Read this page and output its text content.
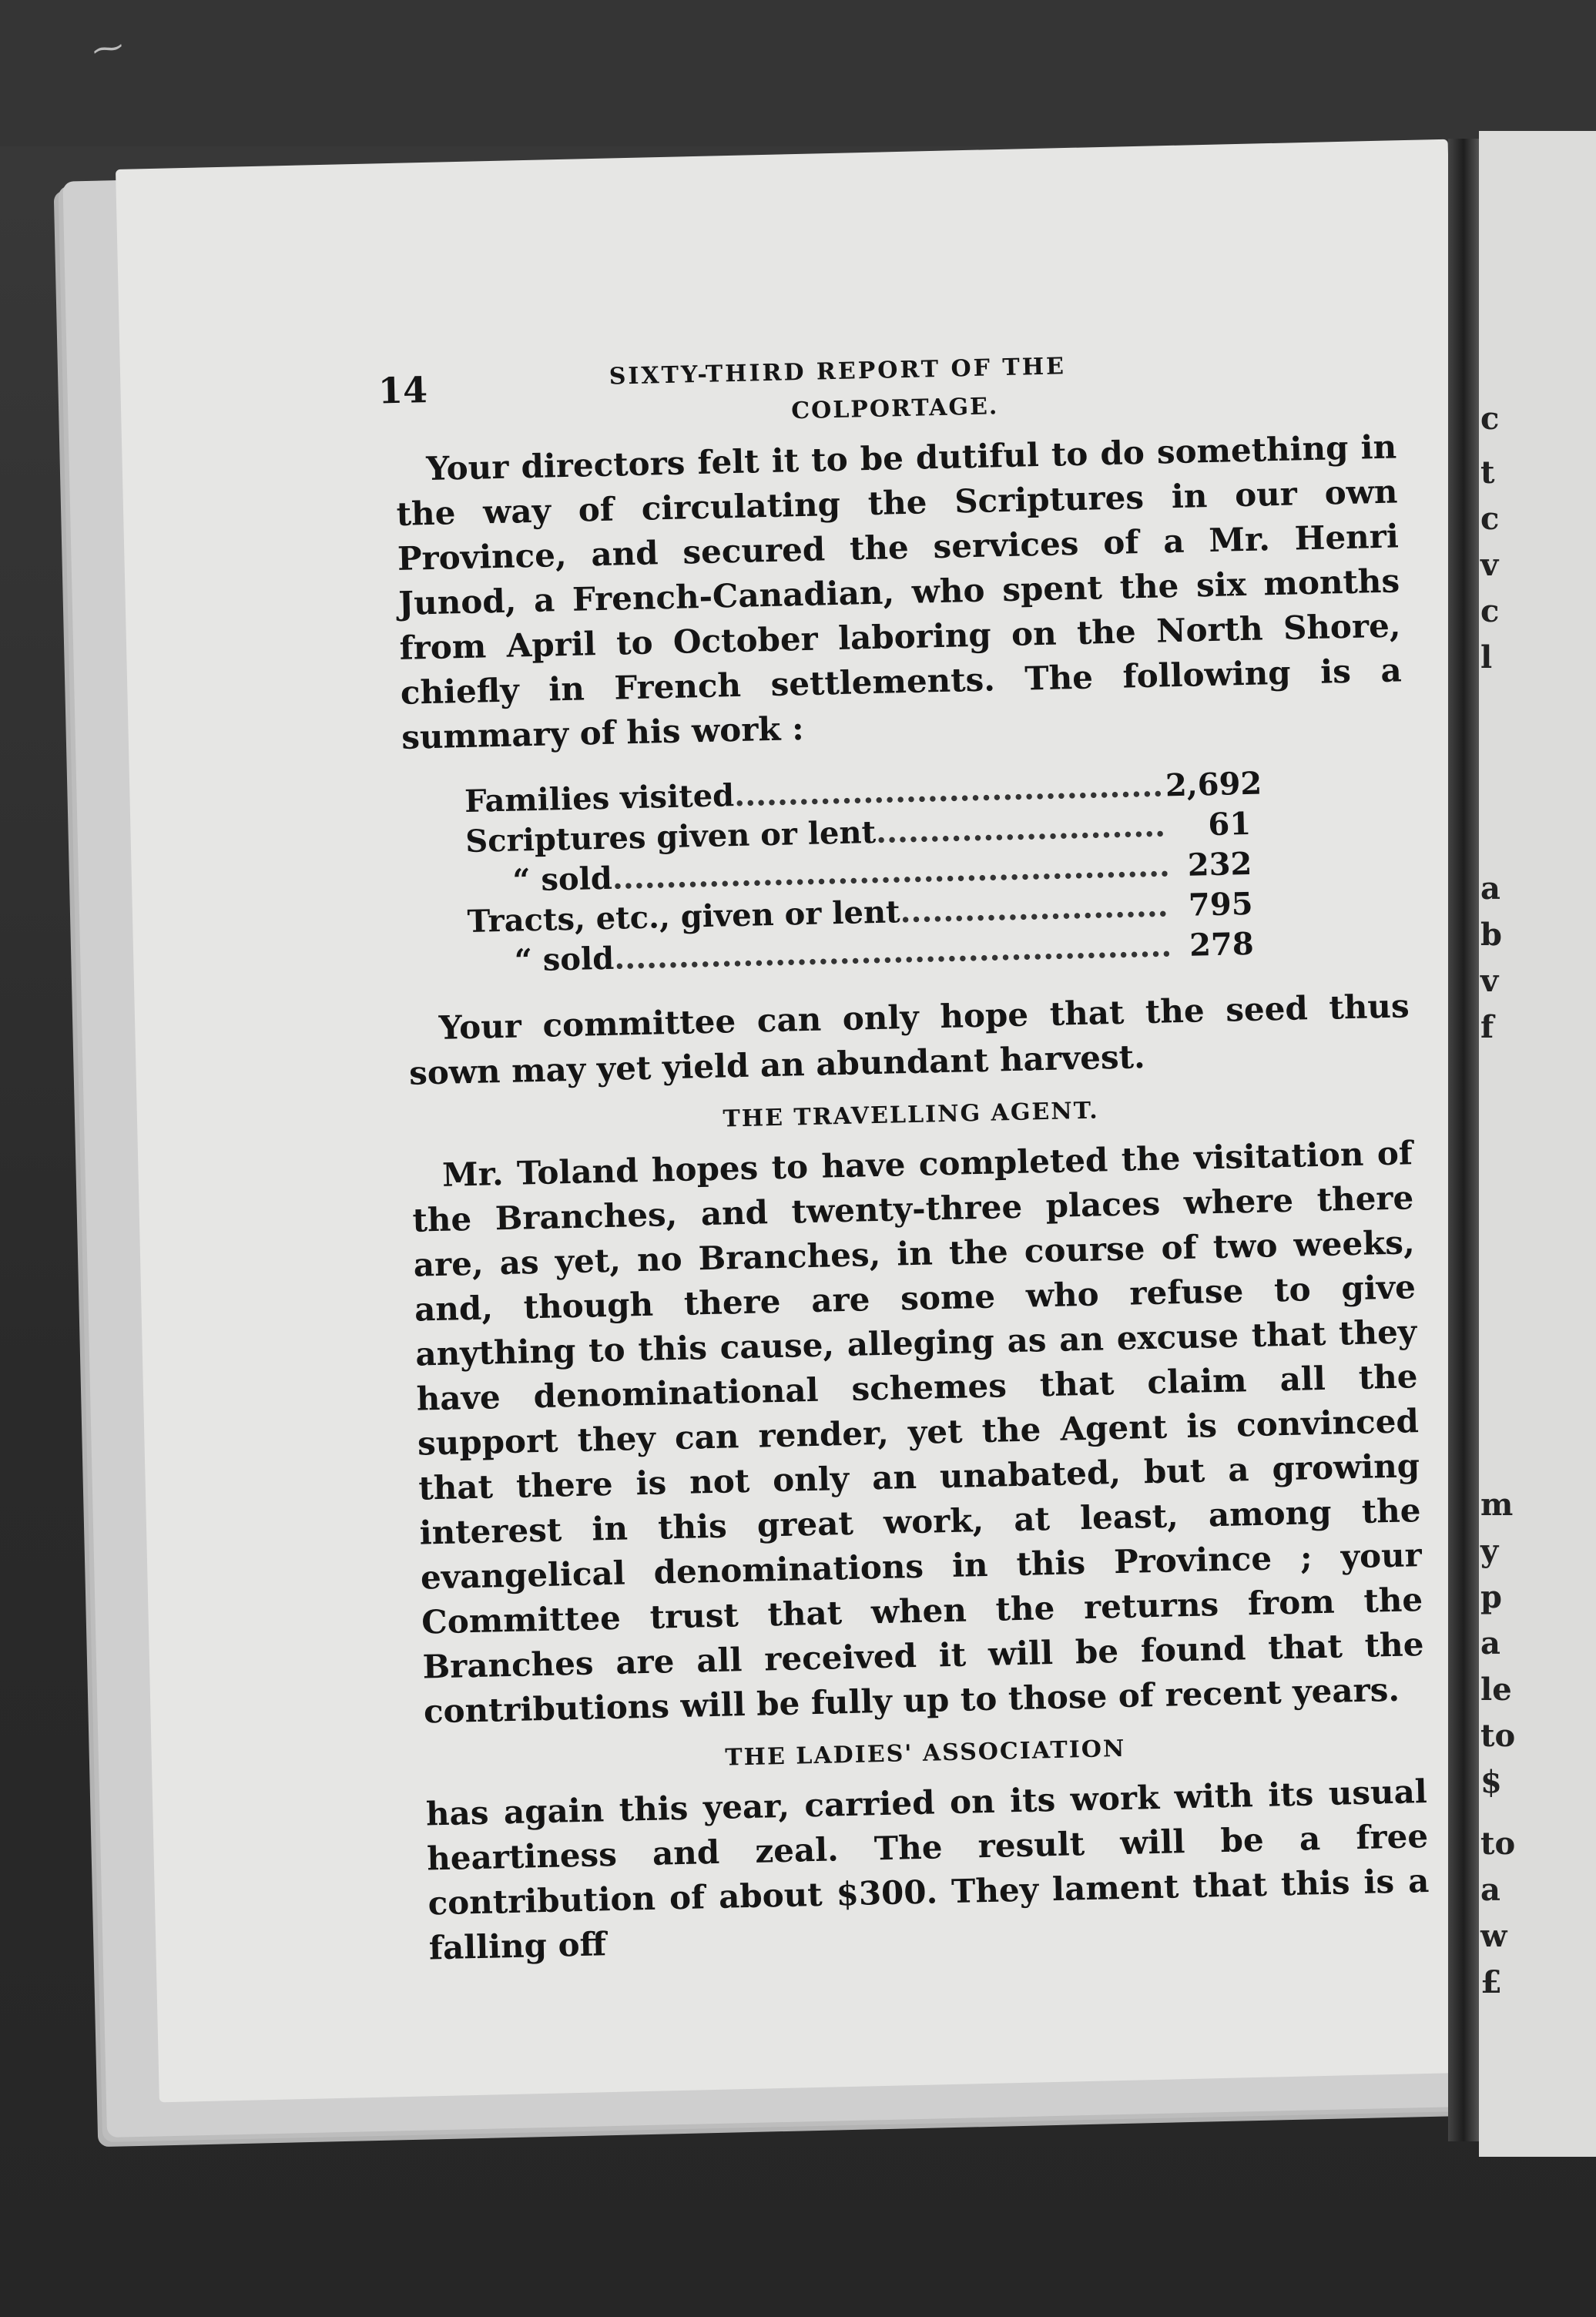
⁓
c
t
c
v
c
l
a
b
v
f
m
y
p
a
le
to
$
to
a
w
£
14	SIXTY-THIRD REPORT OF THE
COLPORTAGE.

Your directors felt it to be dutiful to do something in the way of circulating the Scriptures in our own Province, and secured the services of a Mr. Henri Junod, a French-Canadian, who spent the six months from April to October laboring on the North Shore, chiefly in French settlements. The following is a summary of his work :

Families visited .....	2,692
Scriptures given or lent .....	61
“ sold .....	232
Tracts, etc., given or lent .....	795
“ sold .....	278

Your committee can only hope that the seed thus sown may yet yield an abundant harvest.

THE TRAVELLING AGENT.

Mr. Toland hopes to have completed the visitation of the Branches, and twenty-three places where there are, as yet, no Branches, in the course of two weeks, and, though there are some who refuse to give anything to this cause, alleging as an excuse that they have denominational schemes that claim all the support they can render, yet the Agent is convinced that there is not only an unabated, but a growing interest in this great work, at least, among the evangelical denominations in this Province ; your Committee trust that when the returns from the Branches are all received it will be found that the contributions will be fully up to those of recent years.

THE LADIES' ASSOCIATION

has again this year, carried on its work with its usual heartiness and zeal. The result will be a free contribution of about $300. They lament that this is a falling off
